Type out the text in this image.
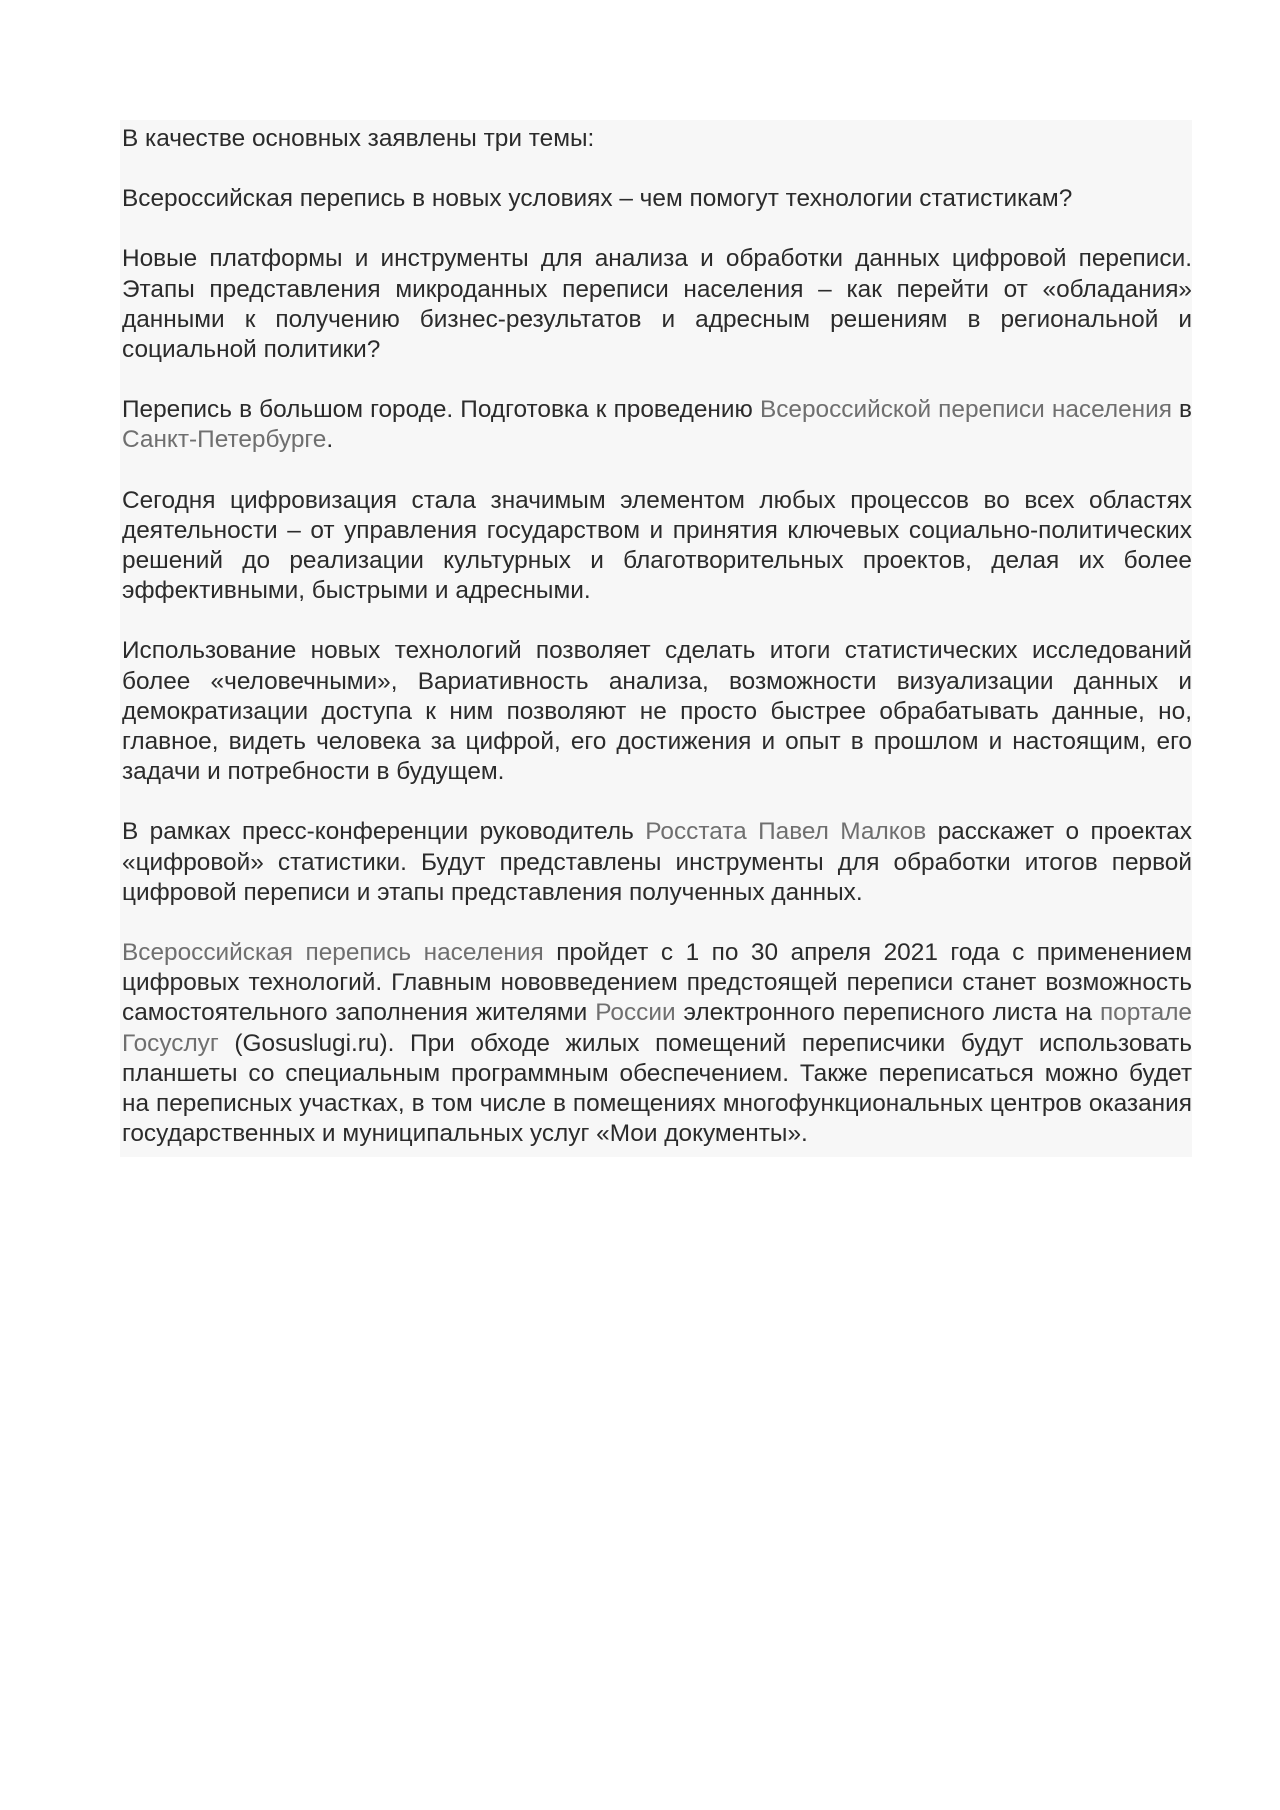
В качестве основных заявлены три темы:

Всероссийская перепись в новых условиях – чем помогут технологии статистикам?

Новые платформы и инструменты для анализа и обработки данных цифровой переписи. Этапы представления микроданных переписи населения – как перейти от «обладания» данными к получению бизнес-результатов и адресным решениям в региональной и социальной политики?

Перепись в большом городе. Подготовка к проведению Всероссийской переписи населения в Санкт-Петербурге.

Сегодня цифровизация стала значимым элементом любых процессов во всех областях деятельности – от управления государством и принятия ключевых социально-политических решений до реализации культурных и благотворительных проектов, делая их более эффективными, быстрыми и адресными.

Использование новых технологий позволяет сделать итоги статистических исследований более «человечными», Вариативность анализа, возможности визуализации данных и демократизации доступа к ним позволяют не просто быстрее обрабатывать данные, но, главное, видеть человека за цифрой, его достижения и опыт в прошлом и настоящим, его задачи и потребности в будущем.

В рамках пресс-конференции руководитель Росстата Павел Малков расскажет о проектах «цифровой» статистики. Будут представлены инструменты для обработки итогов первой цифровой переписи и этапы представления полученных данных.

Всероссийская перепись населения пройдет с 1 по 30 апреля 2021 года с применением цифровых технологий. Главным нововведением предстоящей переписи станет возможность самостоятельного заполнения жителями России электронного переписного листа на портале Госуслуг (Gosuslugi.ru). При обходе жилых помещений переписчики будут использовать планшеты со специальным программным обеспечением. Также переписаться можно будет на переписных участках, в том числе в помещениях многофункциональных центров оказания государственных и муниципальных услуг «Мои документы».
